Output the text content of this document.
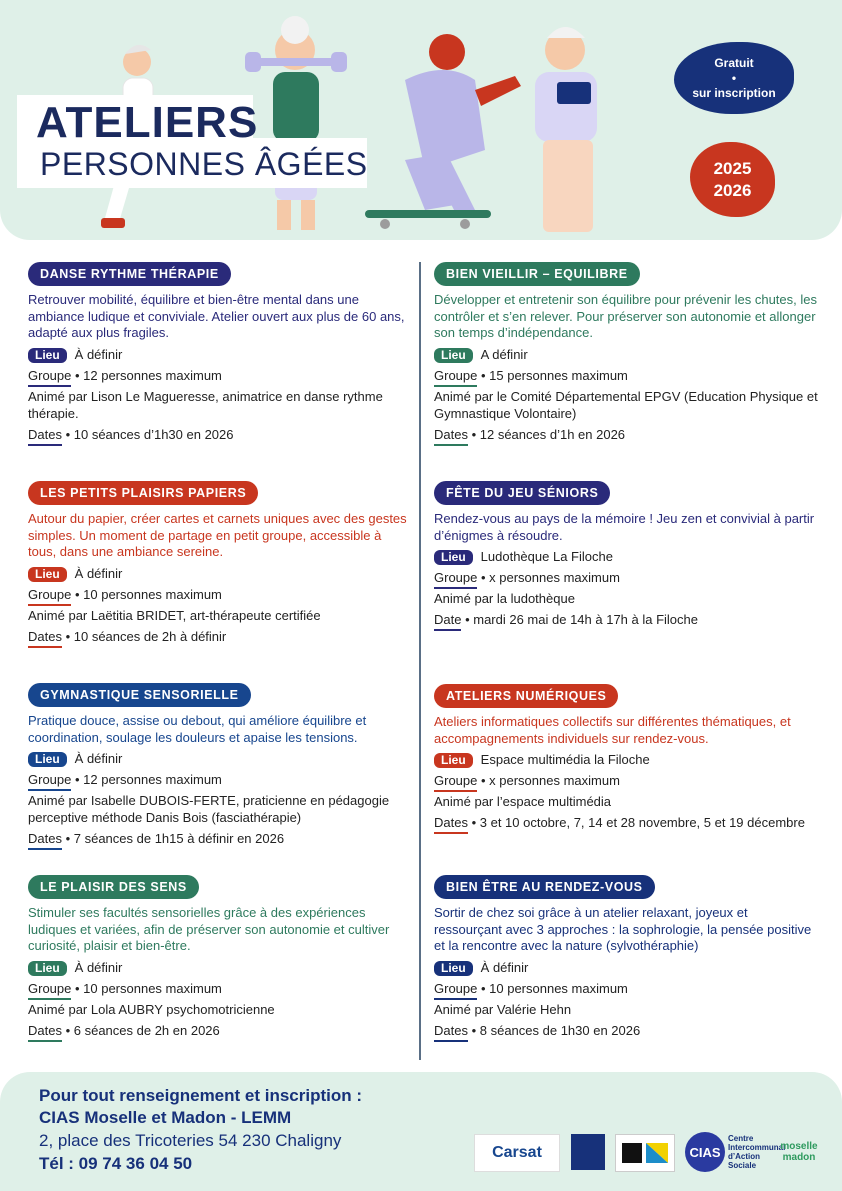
ATELIERS
PERSONNES ÂGÉES
Gratuit
•
sur inscription
2025
2026
DANSE RYTHME THÉRAPIE
Retrouver mobilité, équilibre et bien-être mental dans une ambiance ludique et conviviale. Atelier ouvert aux plus de 60 ans, adapté aux plus fragiles.
Lieu À définir
Groupe • 12 personnes maximum
Animé par Lison Le Magueresse, animatrice en danse rythme thérapie.
Dates • 10 séances d’1h30 en 2026
LES PETITS PLAISIRS PAPIERS
Autour du papier, créer cartes et carnets uniques avec des gestes simples. Un moment de partage en petit groupe, accessible à tous, dans une ambiance sereine.
Lieu À définir
Groupe • 10 personnes maximum
Animé par Laëtitia BRIDET, art-thérapeute certifiée
Dates • 10 séances de 2h à définir
GYMNASTIQUE SENSORIELLE
Pratique douce, assise ou debout, qui améliore équilibre et coordination, soulage les douleurs et apaise les tensions.
Lieu À définir
Groupe • 12 personnes maximum
Animé par Isabelle DUBOIS-FERTE, praticienne en pédagogie perceptive méthode Danis Bois (fasciathérapie)
Dates • 7 séances de 1h15 à définir en 2026
LE PLAISIR DES SENS
Stimuler ses facultés sensorielles grâce à des expériences ludiques et variées, afin de préserver son autonomie et cultiver curiosité, plaisir et bien-être.
Lieu À définir
Groupe • 10 personnes maximum
Animé par Lola AUBRY psychomotricienne
Dates • 6 séances de 2h en 2026
BIEN VIEILLIR – EQUILIBRE
Développer et entretenir son équilibre pour prévenir les chutes, les contrôler et s’en relever. Pour préserver son autonomie et allonger son temps d’indépendance.
Lieu A définir
Groupe • 15 personnes maximum
Animé par le Comité Départemental EPGV (Education Physique et Gymnastique Volontaire)
Dates • 12 séances d’1h en 2026
FÊTE DU JEU SÉNIORS
Rendez-vous au pays de la mémoire ! Jeu zen et convivial à partir d’énigmes à résoudre.
Lieu Ludothèque La Filoche
Groupe • x personnes maximum
Animé par la ludothèque
Date • mardi 26 mai de 14h à 17h à la Filoche
ATELIERS NUMÉRIQUES
Ateliers informatiques collectifs sur différentes thématiques, et accompagnements individuels sur rendez-vous.
Lieu Espace multimédia la Filoche
Groupe • x personnes maximum
Animé par l’espace multimédia
Dates • 3 et 10 octobre, 7, 14 et 28 novembre, 5 et 19 décembre
BIEN ÊTRE AU RENDEZ-VOUS
Sortir de chez soi grâce à un atelier relaxant, joyeux et ressourçant avec 3 approches : la sophrologie, la pensée positive et la rencontre avec la nature (sylvothéraphie)
Lieu À définir
Groupe • 10 personnes maximum
Animé par Valérie Hehn
Dates • 8 séances de 1h30 en 2026
Pour tout renseignement et inscription :
CIAS Moselle et Madon - LEMM
2, place des Tricoteries 54 230 Chaligny
Tél : 09 74 36 04 50
Carsat	CIAS
Centre
Intercommunal
d’Action
Sociale
moselle madon
